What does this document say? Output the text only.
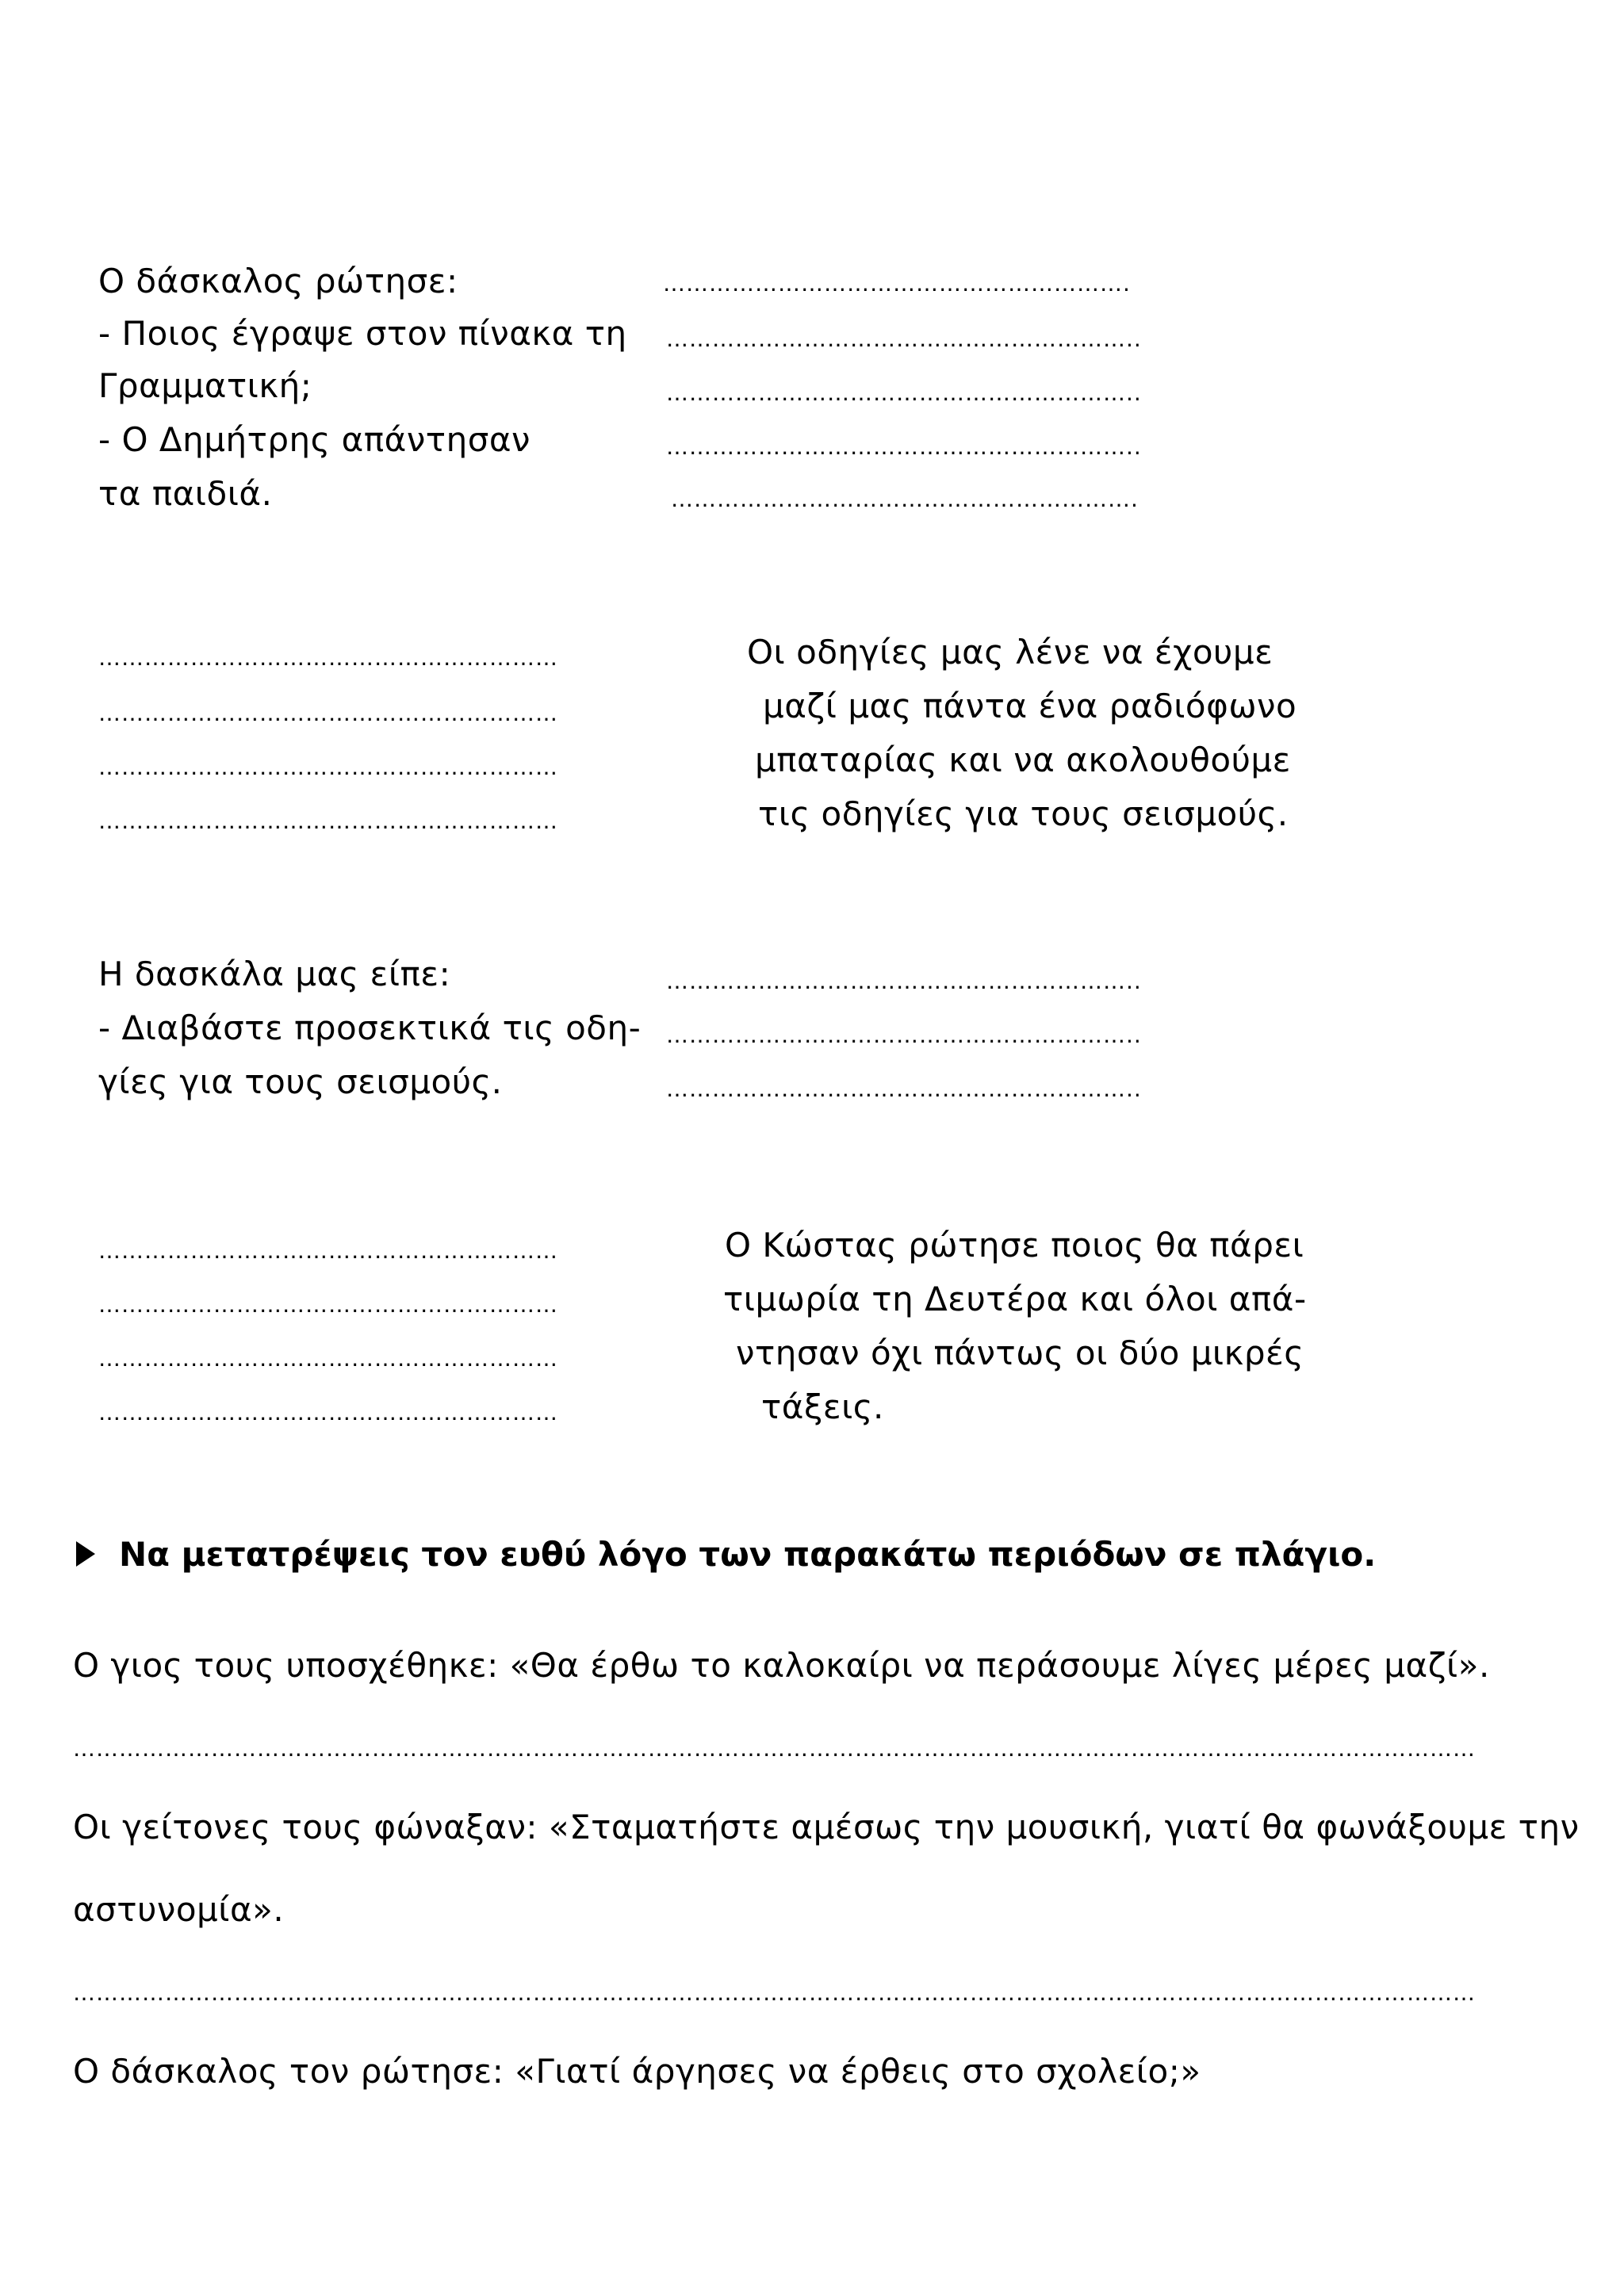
Ο δάσκαλος ρώτησε:
- Ποιος έγραψε στον πίνακα τη
Γραμματική;
- Ο Δημήτρης απάντησαν
τα παιδιά.
…………………………………………………….
……………………………………………………..
……………………………………………………..
……………………………………………………..
…………………………………………………….
……………………………………………………
……………………………………………………
……………………………………………………
……………………………………………………
Οι οδηγίες μας λένε να έχουμε
μαζί μας πάντα ένα ραδιόφωνο
μπαταρίας και να ακολουθούμε
τις οδηγίες για τους σεισμούς.
Η δασκάλα μας είπε:
- Διαβάστε προσεκτικά τις οδη-
γίες για τους σεισμούς.
……………………………………………………..
……………………………………………………..
……………………………………………………..
……………………………………………………
……………………………………………………
……………………………………………………
……………………………………………………
Ο Κώστας ρώτησε ποιος θα πάρει
τιμωρία τη Δευτέρα και όλοι απά-
ντησαν όχι πάντως οι δύο μικρές
τάξεις.
Να μετατρέψεις τον ευθύ λόγο των παρακάτω περιόδων σε πλάγιο.
Ο γιος τους υποσχέθηκε: «Θα έρθω το καλοκαίρι να περάσουμε λίγες μέρες μαζί».
…………………………………………………………………………………………………………………………………………………………………
Οι γείτονες τους φώναξαν: «Σταματήστε αμέσως την μουσική, γιατί θα φωνάξουμε την
αστυνομία».
…………………………………………………………………………………………………………………………………………………………………
Ο δάσκαλος τον ρώτησε: «Γιατί άργησες να έρθεις στο σχολείο;»
